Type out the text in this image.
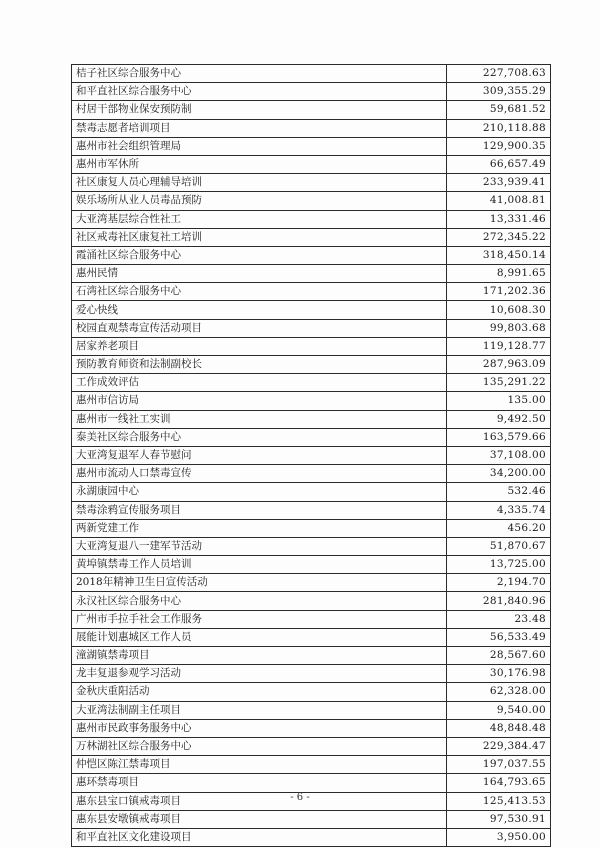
桔子社区综合服务中心	227,708.63
和平直社区综合服务中心	309,355.29
村居干部物业保安预防制	59,681.52
禁毒志愿者培训项目	210,118.88
惠州市社会组织管理局	129,900.35
惠州市军休所	66,657.49
社区康复人员心理辅导培训	233,939.41
娱乐场所从业人员毒品预防	41,008.81
大亚湾基层综合性社工	13,331.46
社区戒毒社区康复社工培训	272,345.22
霞涌社区综合服务中心	318,450.14
惠州民情	8,991.65
石湾社区综合服务中心	171,202.36
爱心快线	10,608.30
校园直观禁毒宣传活动项目	99,803.68
居家养老项目	119,128.77
预防教育师资和法制副校长	287,963.09
工作成效评估	135,291.22
惠州市信访局	135.00
惠州市一线社工实训	9,492.50
泰美社区综合服务中心	163,579.66
大亚湾复退军人春节慰问	37,108.00
惠州市流动人口禁毒宣传	34,200.00
永湖康园中心	532.46
禁毒涂鸦宣传服务项目	4,335.74
两新党建工作	456.20
大亚湾复退八一建军节活动	51,870.67
黄埠镇禁毒工作人员培训	13,725.00
2018年精神卫生日宣传活动	2,194.70
永汉社区综合服务中心	281,840.96
广州市手拉手社会工作服务	23.48
展能计划惠城区工作人员	56,533.49
潼湖镇禁毒项目	28,567.60
龙丰复退参观学习活动	30,176.98
金秋庆重阳活动	62,328.00
大亚湾法制副主任项目	9,540.00
惠州市民政事务服务中心	48,848.48
万林湖社区综合服务中心	229,384.47
仲恺区陈江禁毒项目	197,037.55
惠环禁毒项目	164,793.65
惠东县宝口镇戒毒项目	125,413.53
惠东县安墩镇戒毒项目	97,530.91
和平直社区文化建设项目	3,950.00
- 6 -
